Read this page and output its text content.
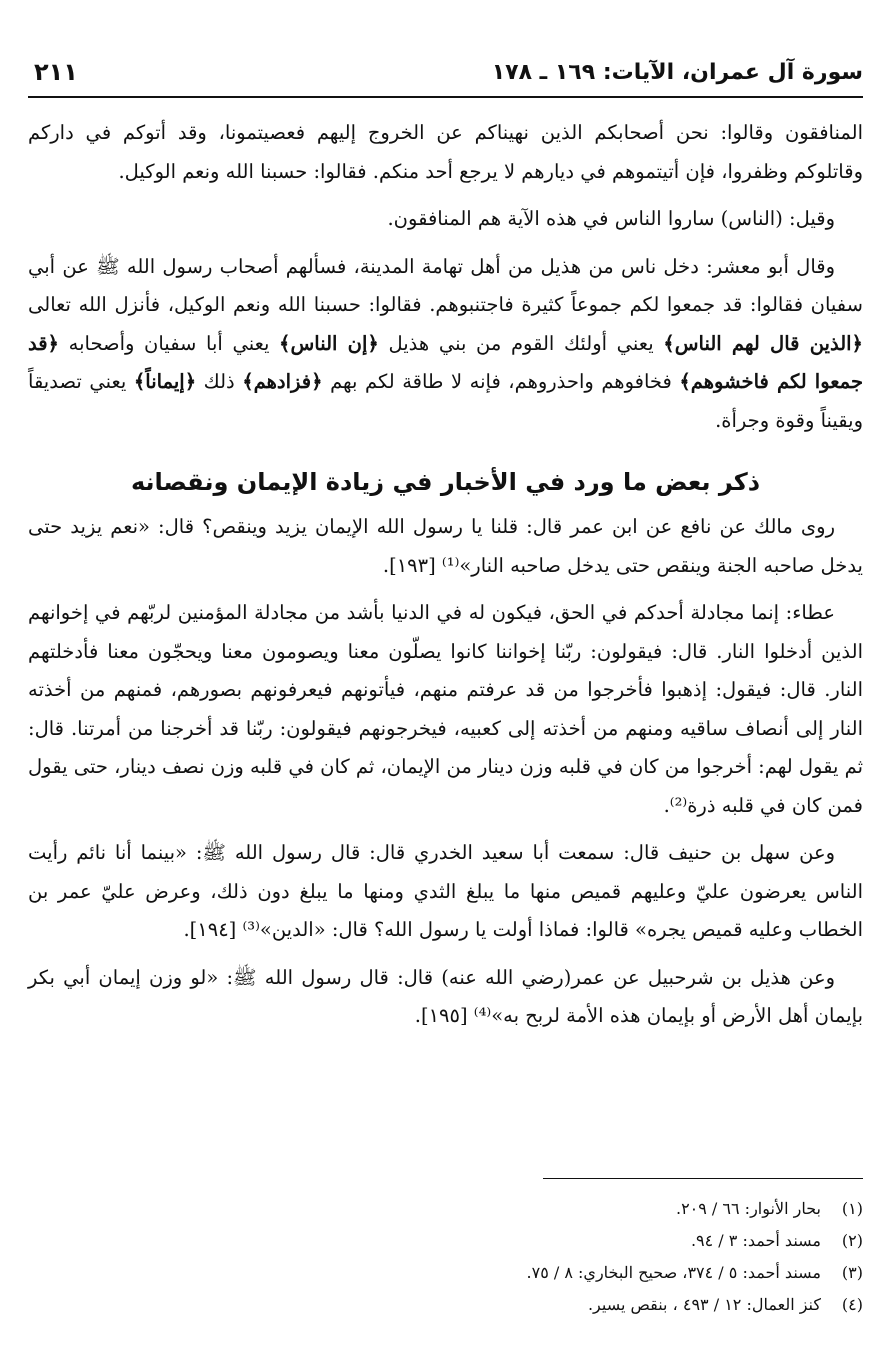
سورة آل عمران، الآيات: ١٦٩ ـ ١٧٨
٢١١

المنافقون وقالوا: نحن أصحابكم الذين نهيناكم عن الخروج إليهم فعصيتمونا، وقد أتوكم في داركم وقاتلوكم وظفروا، فإن أتيتموهم في ديارهم لا يرجع أحد منكم. فقالوا: حسبنا الله ونعم الوكيل.

وقيل: (الناس) ساروا الناس في هذه الآية هم المنافقون.

وقال أبو معشر: دخل ناس من هذيل من أهل تهامة المدينة، فسألهم أصحاب رسول الله ﷺ عن أبي سفيان فقالوا: قد جمعوا لكم جموعاً كثيرة فاجتنبوهم. فقالوا: حسبنا الله ونعم الوكيل، فأنزل الله تعالى ﴿الذين قال لهم الناس﴾ يعني أولئك القوم من بني هذيل ﴿إن الناس﴾ يعني أبا سفيان وأصحابه ﴿قد جمعوا لكم فاخشوهم﴾ فخافوهم واحذروهم، فإنه لا طاقة لكم بهم ﴿فزادهم﴾ ذلك ﴿إيماناً﴾ يعني تصديقاً ويقيناً وقوة وجرأة.

ذكر بعض ما ورد في الأخبار في زيادة الإيمان ونقصانه

روى مالك عن نافع عن ابن عمر قال: قلنا يا رسول الله الإيمان يزيد وينقص؟ قال: «نعم يزيد حتى يدخل صاحبه الجنة وينقص حتى يدخل صاحبه النار»⁽¹⁾ [١٩٣].

عطاء: إنما مجادلة أحدكم في الحق، فيكون له في الدنيا بأشد من مجادلة المؤمنين لربّهم في إخوانهم الذين أدخلوا النار. قال: فيقولون: ربّنا إخواننا كانوا يصلّون معنا ويصومون معنا ويحجّون معنا فأدخلتهم النار. قال: فيقول: إذهبوا فأخرجوا من قد عرفتم منهم، فيأتونهم فيعرفونهم بصورهم، فمنهم من أخذته النار إلى أنصاف ساقيه ومنهم من أخذته إلى كعبيه، فيخرجونهم فيقولون: ربّنا قد أخرجنا من أمرتنا. قال: ثم يقول لهم: أخرجوا من كان في قلبه وزن دينار من الإيمان، ثم كان في قلبه وزن نصف دينار، حتى يقول فمن كان في قلبه ذرة⁽²⁾.

وعن سهل بن حنيف قال: سمعت أبا سعيد الخدري قال: قال رسول الله ﷺ: «بينما أنا نائم رأيت الناس يعرضون عليّ وعليهم قميص منها ما يبلغ الثدي ومنها ما يبلغ دون ذلك، وعرض عليّ عمر بن الخطاب وعليه قميص يجره» قالوا: فماذا أولت يا رسول الله؟ قال: «الدين»⁽³⁾ [١٩٤].

وعن هذيل بن شرحبيل عن عمر(رضي الله عنه) قال: قال رسول الله ﷺ: «لو وزن إيمان أبي بكر بإيمان أهل الأرض أو بإيمان هذه الأمة لربح به»⁽⁴⁾ [١٩٥].

(١)
بحار الأنوار: ٦٦ / ٢٠٩.
(٢)
مسند أحمد: ٣ / ٩٤.
(٣)
مسند أحمد: ٥ / ٣٧٤، صحيح البخاري: ٨ / ٧٥.
(٤)
كنز العمال: ١٢ / ٤٩٣ ، بنقص يسير.
